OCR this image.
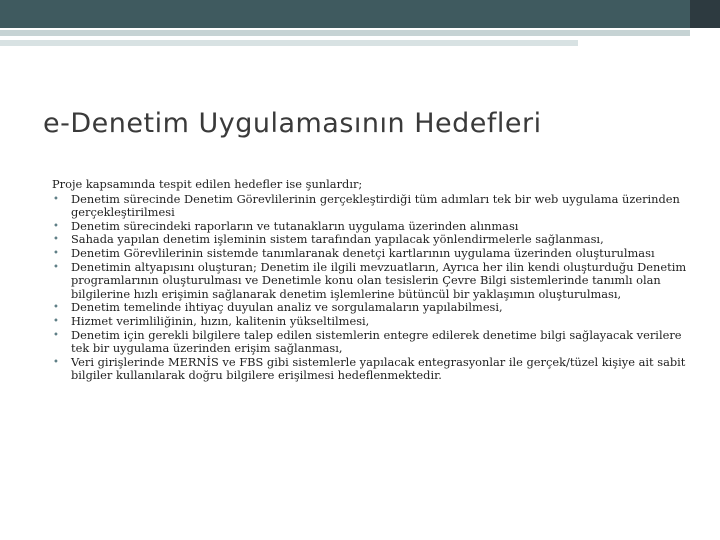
e-Denetim Uygulamasının Hedefleri

Proje kapsamında tespit edilen hedefler ise şunlardır;

• Denetim sürecinde Denetim Görevlilerinin gerçekleştirdiği tüm adımları tek bir web uygulama üzerinden gerçekleştirilmesi
• Denetim sürecindeki raporların ve tutanakların uygulama üzerinden alınması
• Sahada yapılan denetim işleminin sistem tarafından yapılacak yönlendirmelerle sağlanması,
• Denetim Görevlilerinin sistemde tanımlaranak denetçi kartlarının uygulama üzerinden oluşturulması
• Denetimin altyapısını oluşturan; Denetim ile ilgili mevzuatların, Ayrıca her ilin kendi oluşturduğu Denetim programlarının oluşturulması ve Denetimle konu olan tesislerin Çevre Bilgi sistemlerinde tanımlı olan bilgilerine hızlı erişimin sağlanarak denetim işlemlerine bütüncül bir yaklaşımın oluşturulması,
• Denetim temelinde ihtiyaç duyulan analiz ve sorgulamaların yapılabilmesi,
• Hizmet verimliliğinin, hızın, kalitenin yükseltilmesi,
• Denetim için gerekli bilgilere talep edilen sistemlerin entegre edilerek denetime bilgi sağlayacak verilere tek bir uygulama üzerinden erişim sağlanması,
• Veri girişlerinde MERNİS ve FBS gibi sistemlerle yapılacak entegrasyonlar ile gerçek/tüzel kişiye ait sabit bilgiler kullanılarak doğru bilgilere erişilmesi hedeflenmektedir.
